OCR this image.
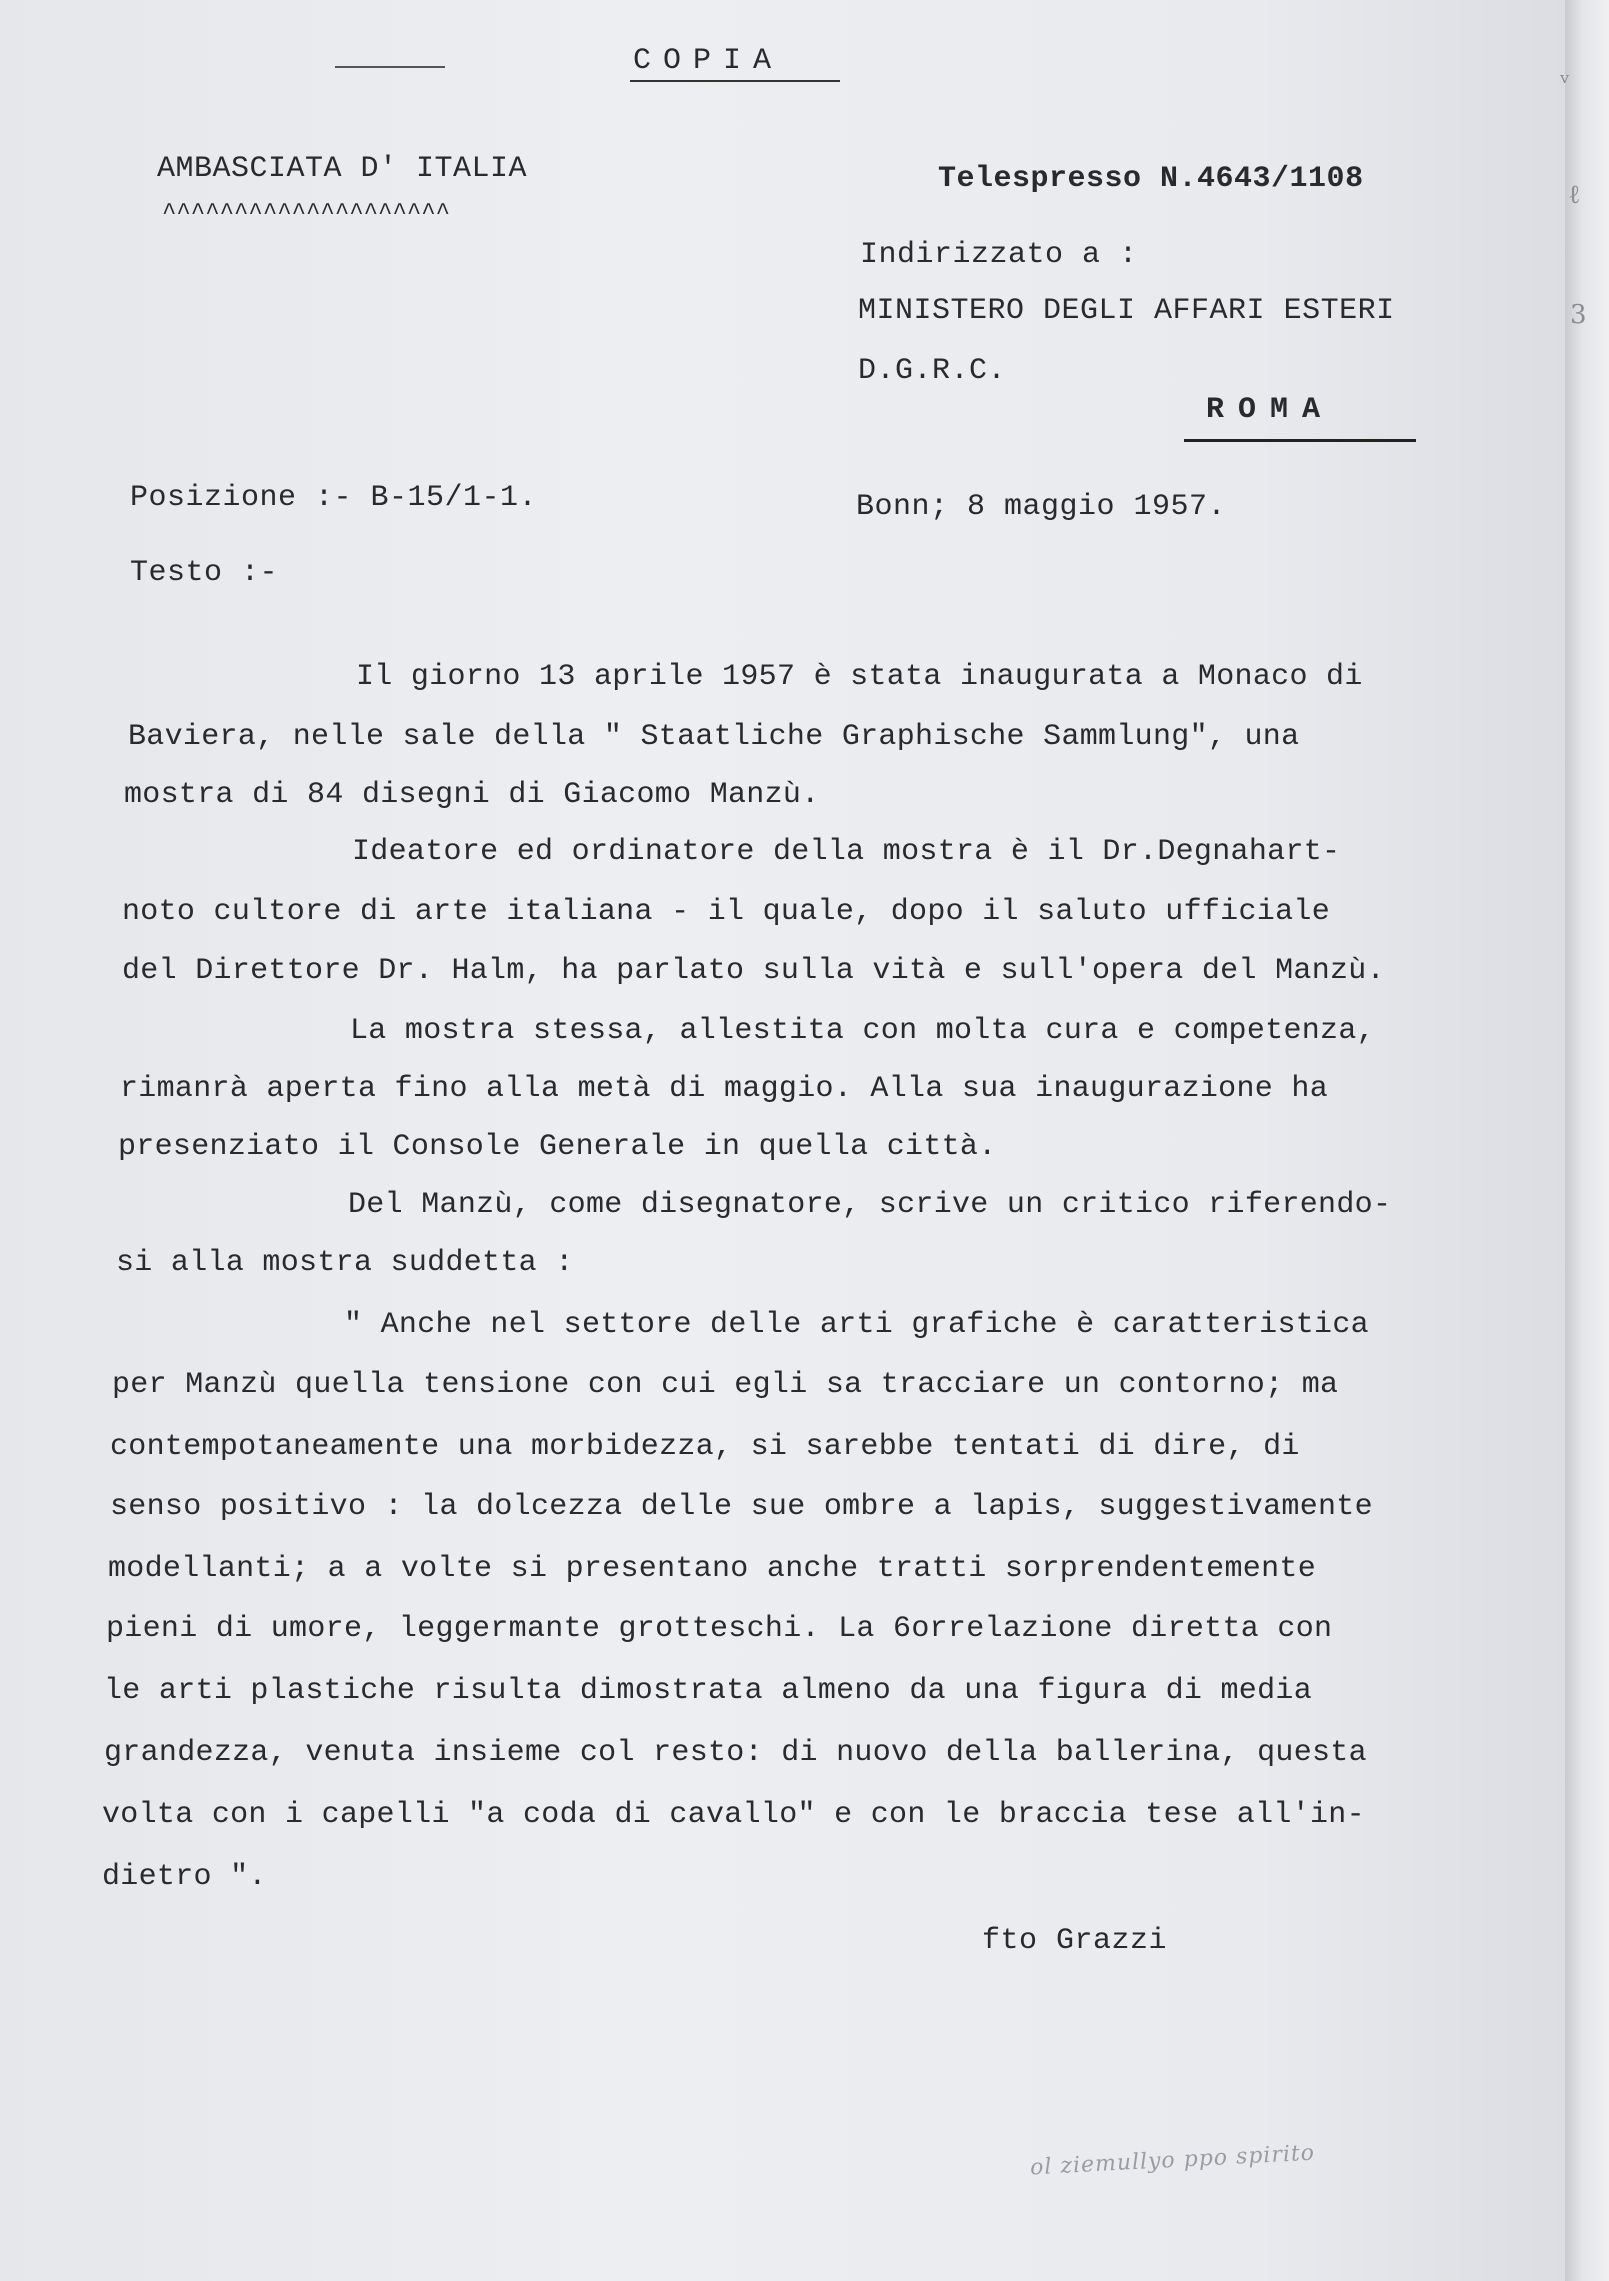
COPIA
AMBASCIATA D' ITALIA
^^^^^^^^^^^^^^^^^^^^
Telespresso N.4643/1108
Indirizzato a :
MINISTERO DEGLI AFFARI ESTERI
D.G.R.C.
ROMA
Posizione :- B-15/1-1.	Bonn; 8 maggio 1957.
Testo :-
Il giorno 13 aprile 1957 è stata inaugurata a Monaco di
Baviera, nelle sale della " Staatliche Graphische Sammlung", una
mostra di 84 disegni di Giacomo Manzù.
Ideatore ed ordinatore della mostra è il Dr.Degnahart-
noto cultore di arte italiana - il quale, dopo il saluto ufficiale
del Direttore Dr. Halm, ha parlato sulla vità e sull'opera del Manzù.
La mostra stessa, allestita con molta cura e competenza,
rimanrà aperta fino alla metà di maggio. Alla sua inaugurazione ha
presenziato il Console Generale in quella città.
Del Manzù, come disegnatore, scrive un critico riferendo-
si alla mostra suddetta :
" Anche nel settore delle arti grafiche è caratteristica
per Manzù quella tensione con cui egli sa tracciare un contorno; ma
contempotaneamente una morbidezza, si sarebbe tentati di dire, di
senso positivo : la dolcezza delle sue ombre a lapis, suggestivamente
modellanti; a a volte si presentano anche tratti sorprendentemente
pieni di umore, leggermante grotteschi. La 6orrelazione diretta con
le arti plastiche risulta dimostrata almeno da una figura di media
grandezza, venuta insieme col resto: di nuovo della ballerina, questa
volta con i capelli "a coda di cavallo" e con le braccia tese all'in-
dietro ".
fto Grazzi
ol ziemullyo ppo spirito
ᵥ
ℓ
3
